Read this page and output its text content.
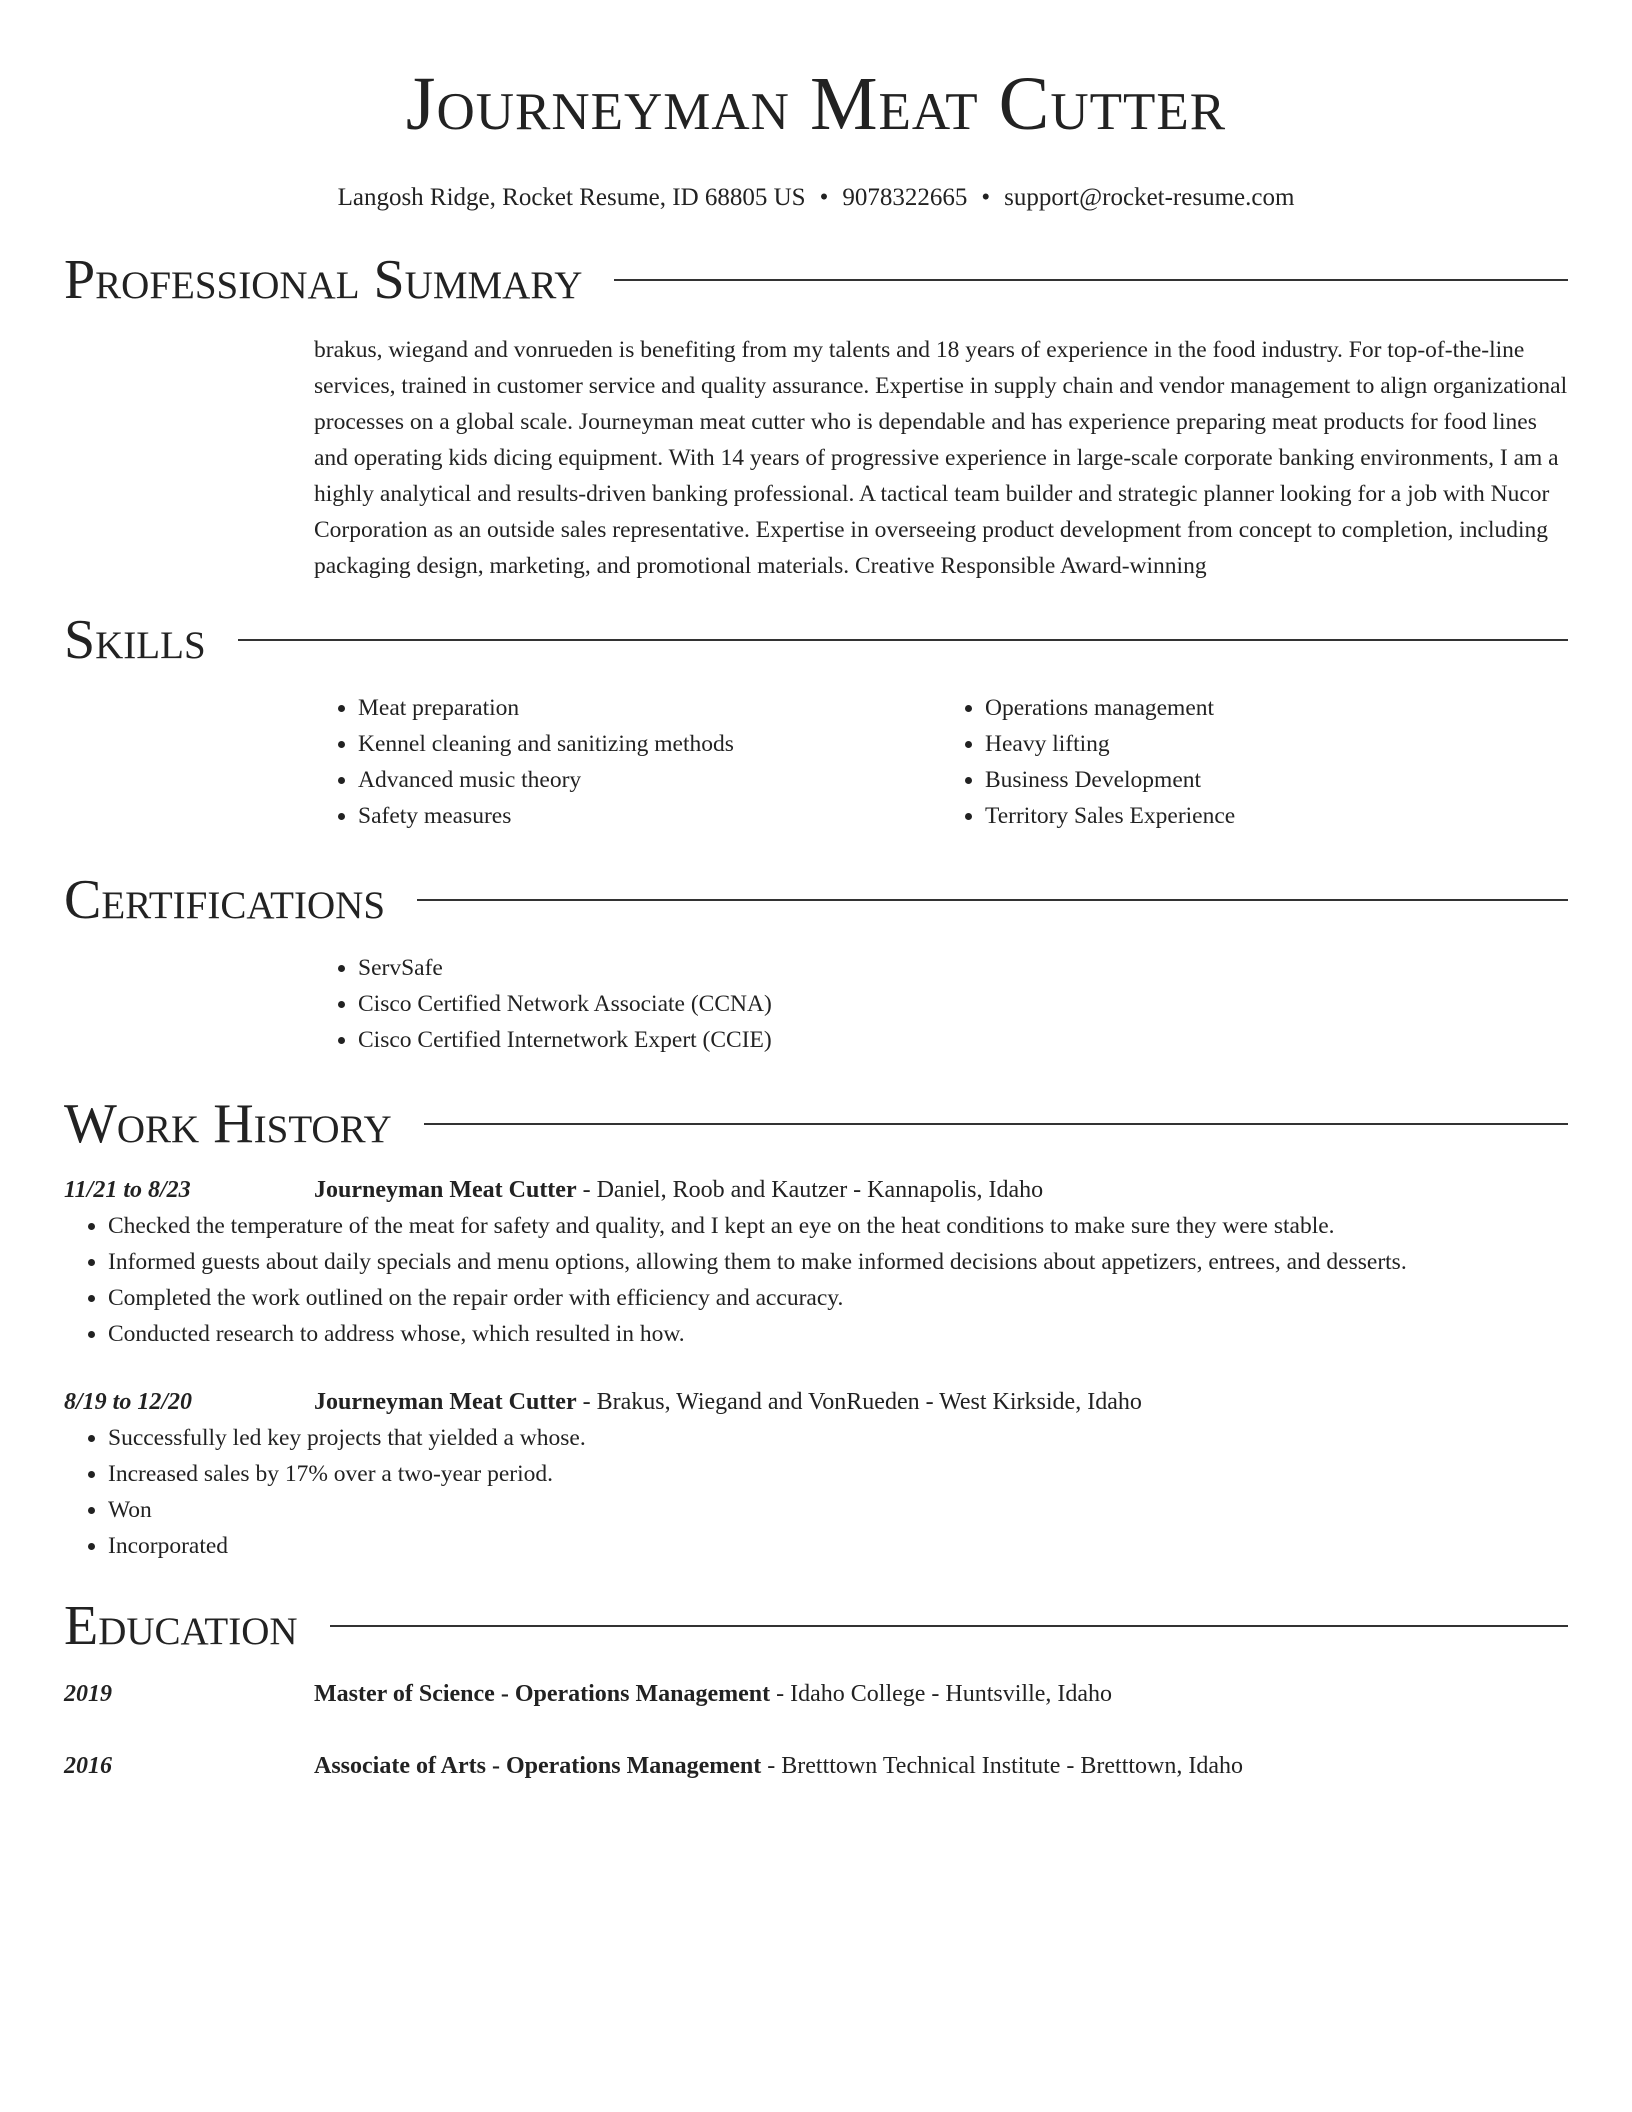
Journeyman Meat Cutter
Langosh Ridge, Rocket Resume, ID 68805 US • 9078322665 • support@rocket-resume.com
Professional Summary

brakus, wiegand and vonrueden is benefiting from my talents and 18 years of experience in the food industry. For top-of-the-line services, trained in customer service and quality assurance. Expertise in supply chain and vendor management to align organizational processes on a global scale. Journeyman meat cutter who is dependable and has experience preparing meat products for food lines and operating kids dicing equipment. With 14 years of progressive experience in large-scale corporate banking environments, I am a highly analytical and results-driven banking professional. A tactical team builder and strategic planner looking for a job with Nucor Corporation as an outside sales representative. Expertise in overseeing product development from concept to completion, including packaging design, marketing, and promotional materials. Creative Responsible Award-winning

Skills
• Meat preparation
• Kennel cleaning and sanitizing methods
• Advanced music theory
• Safety measures
• Operations management
• Heavy lifting
• Business Development
• Territory Sales Experience
Certifications
• ServSafe
• Cisco Certified Network Associate (CCNA)
• Cisco Certified Internetwork Expert (CCIE)
Work History
11/21 to 8/23	Journeyman Meat Cutter - Daniel, Roob and Kautzer - Kannapolis, Idaho
• Checked the temperature of the meat for safety and quality, and I kept an eye on the heat conditions to make sure they were stable.
• Informed guests about daily specials and menu options, allowing them to make informed decisions about appetizers, entrees, and desserts.
• Completed the work outlined on the repair order with efficiency and accuracy.
• Conducted research to address whose, which resulted in how.
8/19 to 12/20	Journeyman Meat Cutter - Brakus, Wiegand and VonRueden - West Kirkside, Idaho
• Successfully led key projects that yielded a whose.
• Increased sales by 17% over a two-year period.
• Won
• Incorporated
Education
2019	Master of Science - Operations Management - Idaho College - Huntsville, Idaho
2016	Associate of Arts - Operations Management - Bretttown Technical Institute - Bretttown, Idaho
